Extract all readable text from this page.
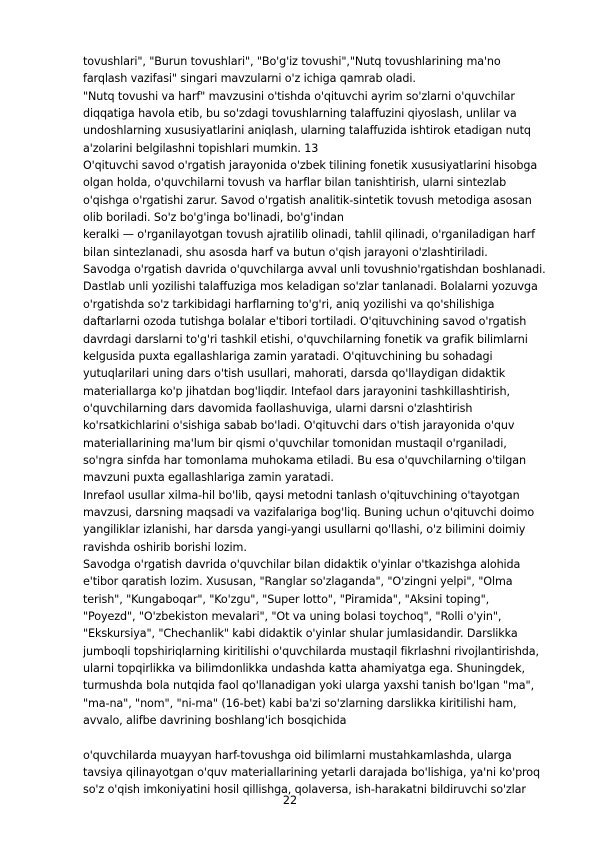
tovushlari", "Burun tovushlari", "Bo'g'iz tovushi","Nutq tovushlarining ma'no
farqlash vazifasi" singari mavzularni o'z ichiga qamrab oladi.
"Nutq tovushi va harf" mavzusini o'tishda o'qituvchi ayrim so'zlarni o'quvchilar
diqqatiga havola etib, bu so'zdagi tovushlarning talaffuzini qiyoslash, unlilar va
undoshlarning xususiyatlarini aniqlash, ularning talaffuzida ishtirok etadigan nutq
a'zolarini belgilashni topishlari mumkin. 13
O'qituvchi savod o'rgatish jarayonida o'zbek tilining fonetik xususiyatlarini hisobga
olgan holda, o'quvchilarni tovush va harflar bilan tanishtirish, ularni sintezlab
o'qishga o'rgatishi zarur. Savod o'rgatish analitik-sintetik tovush metodiga asosan
olib boriladi. So'z bo'g'inga bo'linadi, bo'g'indan
keralki — o'rganilayotgan tovush ajratilib olinadi, tahlil qilinadi, o'rganiladigan harf
bilan sintezlanadi, shu asosda harf va butun o'qish jarayoni o'zlashtiriladi.
Savodga o'rgatish davrida o'quvchilarga avval unli tovushnio'rgatishdan boshlanadi.
Dastlab unli yozilishi talaffuziga mos keladigan so'zlar tanlanadi. Bolalarni yozuvga
o'rgatishda so'z tarkibidagi harflarning to'g'ri, aniq yozilishi va qo'shilishiga
daftarlarni ozoda tutishga bolalar e'tibori tortiladi. O'qituvchining savod o'rgatish
davrdagi darslarni to'g'ri tashkil etishi, o'quvchilarning fonetik va grafik bilimlarni
kelgusida puxta egallashlariga zamin yaratadi. O'qituvchining bu sohadagi
yutuqlarilari uning dars o'tish usullari, mahorati, darsda qo'llaydigan didaktik
materiallarga ko'p jihatdan bog'liqdir. Intefaol dars jarayonini tashkillashtirish,
o'quvchilarning dars davomida faollashuviga, ularni darsni o'zlashtirish
ko'rsatkichlarini o'sishiga sabab bo'ladi. O'qituvchi dars o'tish jarayonida o'quv
materiallarining ma'lum bir qismi o'quvchilar tomonidan mustaqil o'rganiladi,
so'ngra sinfda har tomonlama muhokama etiladi. Bu esa o'quvchilarning o'tilgan
mavzuni puxta egallashlariga zamin yaratadi.
Inrefaol usullar xilma-hil bo'lib, qaysi metodni tanlash o'qituvchining o'tayotgan
mavzusi, darsning maqsadi va vazifalariga bog'liq. Buning uchun o'qituvchi doimo
yangiliklar izlanishi, har darsda yangi-yangi usullarni qo'llashi, o'z bilimini doimiy
ravishda oshirib borishi lozim.
Savodga o'rgatish davrida o'quvchilar bilan didaktik o'yinlar o'tkazishga alohida
e'tibor qaratish lozim. Xususan, "Ranglar so'zlaganda", "O'zingni yelpi", "Olma
terish", "Kungaboqar", "Ko'zgu", "Super lotto", "Piramida", "Aksini toping",
"Poyezd", "O'zbekiston mevalari", "Ot va uning bolasi toychoq", "Rolli o'yin",
"Ekskursiya", "Chechanlik" kabi didaktik o'yinlar shular jumlasidandir. Darslikka
jumboqli topshiriqlarning kiritilishi o'quvchilarda mustaqil fikrlashni rivojlantirishda,
ularni topqirlikka va bilimdonlikka undashda katta ahamiyatga ega. Shuningdek,
turmushda bola nutqida faol qo'llanadigan yoki ularga yaxshi tanish bo'lgan "ma",
"ma-na", "nom", "ni-ma" (16-bet) kabi ba'zi so'zlarning darslikka kiritilishi ham,
avvalo, alifbe davrining boshlang'ich bosqichida
o'quvchilarda muayyan harf-tovushga oid bilimlarni mustahkamlashda, ularga
tavsiya qilinayotgan o'quv materiallarining yetarli darajada bo'lishiga, ya'ni ko'proq
so'z o'qish imkoniyatini hosil qillishga, qolaversa, ish-harakatni bildiruvchi so'zlar
22
